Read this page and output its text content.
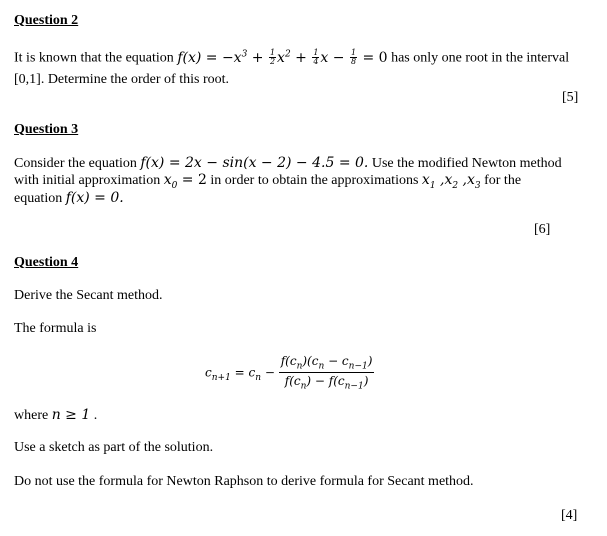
Question 2
It is known that the equation $f(x) = -x^3 + \frac{1}{2} x^2 + \frac{1}{4}$ $x - \frac{1}{8} = 0$ has only one root in the interval
[0,1]. Determine the order of this root.
[5]
Question 3
Consider the equation f(x) = 2x − sin(x − 2) − 4.5 = 0. Use the modified Newton method
with initial approximation $x_0 = 2$ in order to obtain the approximations $x_1$ $,x_2$ $,x_3$ for the
equation f(x) = 0.
[6]
Question 4
Derive the Secant method.
The formula is
$c_{n+1} = c_n - \frac{f(c_n)(c_n - c_{n-1})}{f(c_n) - f(c_{n-1})}$
where n ≥ 1 .
Use a sketch as part of the solution.
Do not use the formula for Newton Raphson to derive formula for Secant method.
[4]
